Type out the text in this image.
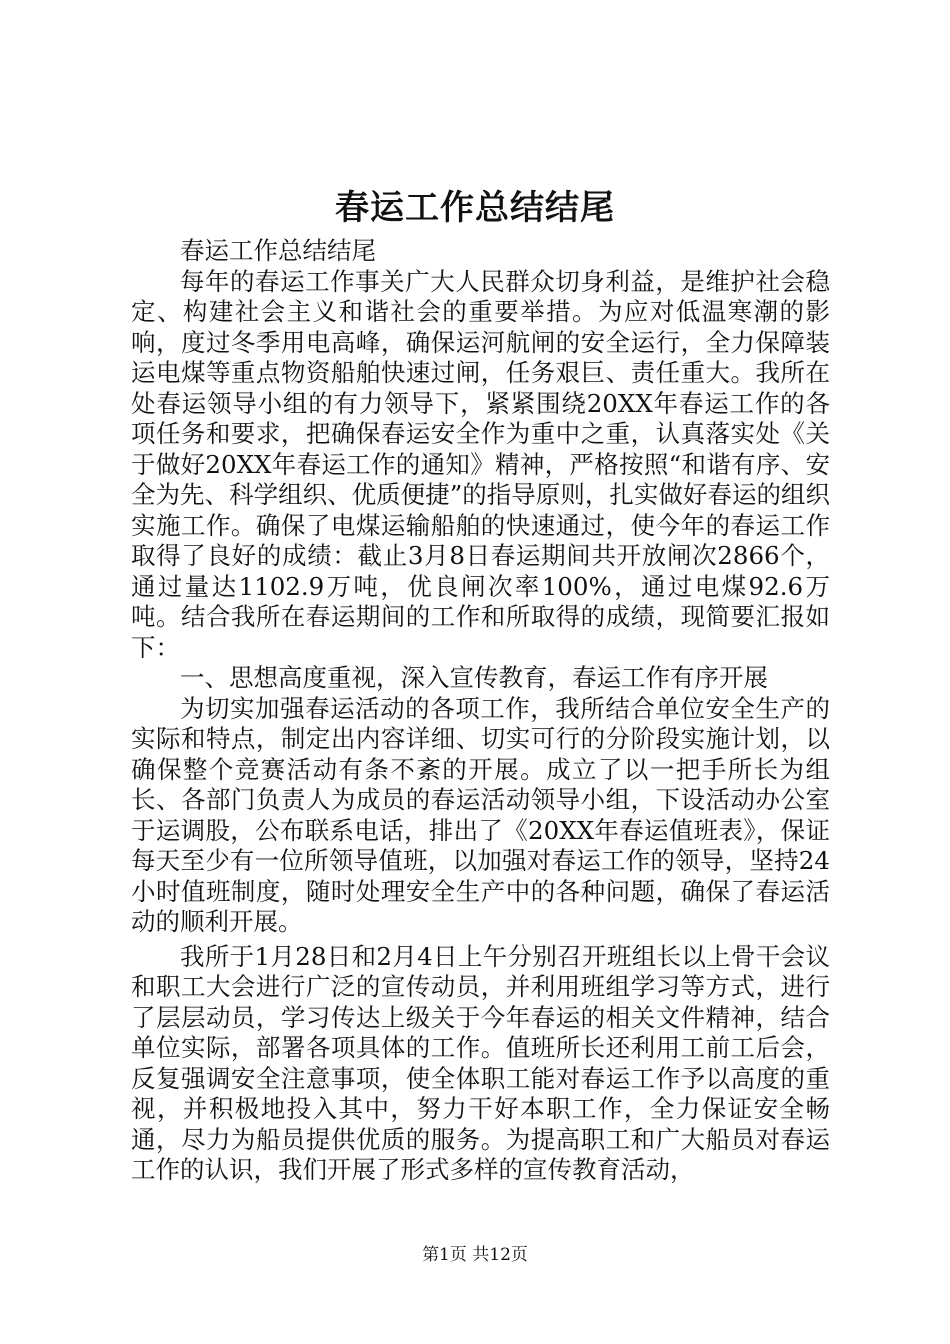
春运工作总结结尾

春运工作总结结尾

每年的春运工作事关广大人民群众切身利益，是维护社会稳定、构建社会主义和谐社会的重要举措。为应对低温寒潮的影响，度过冬季用电高峰，确保运河航闸的安全运行，全力保障装运电煤等重点物资船舶快速过闸，任务艰巨、责任重大。我所在处春运领导小组的有力领导下，紧紧围绕20XX年春运工作的各项任务和要求，把确保春运安全作为重中之重，认真落实处《关于做好20XX年春运工作的通知》精神，严格按照“和谐有序、安全为先、科学组织、优质便捷”的指导原则，扎实做好春运的组织实施工作。确保了电煤运输船舶的快速通过，使今年的春运工作取得了良好的成绩：截止3月8日春运期间共开放闸次2866个，通过量达1102.9万吨，优良闸次率100%，通过电煤92.6万吨。结合我所在春运期间的工作和所取得的成绩，现简要汇报如下：

一、思想高度重视，深入宣传教育，春运工作有序开展

为切实加强春运活动的各项工作，我所结合单位安全生产的实际和特点，制定出内容详细、切实可行的分阶段实施计划，以确保整个竞赛活动有条不紊的开展。成立了以一把手所长为组长、各部门负责人为成员的春运活动领导小组，下设活动办公室于运调股，公布联系电话，排出了《20XX年春运值班表》，保证每天至少有一位所领导值班，以加强对春运工作的领导，坚持24小时值班制度，随时处理安全生产中的各种问题，确保了春运活动的顺利开展。

我所于1月28日和2月4日上午分别召开班组长以上骨干会议和职工大会进行广泛的宣传动员，并利用班组学习等方式，进行了层层动员，学习传达上级关于今年春运的相关文件精神，结合单位实际，部署各项具体的工作。值班所长还利用工前工后会，反复强调安全注意事项，使全体职工能对春运工作予以高度的重视，并积极地投入其中，努力干好本职工作，全力保证安全畅通，尽力为船员提供优质的服务。为提高职工和广大船员对春运工作的认识，我们开展了形式多样的宣传教育活动，

第1页 共12页
